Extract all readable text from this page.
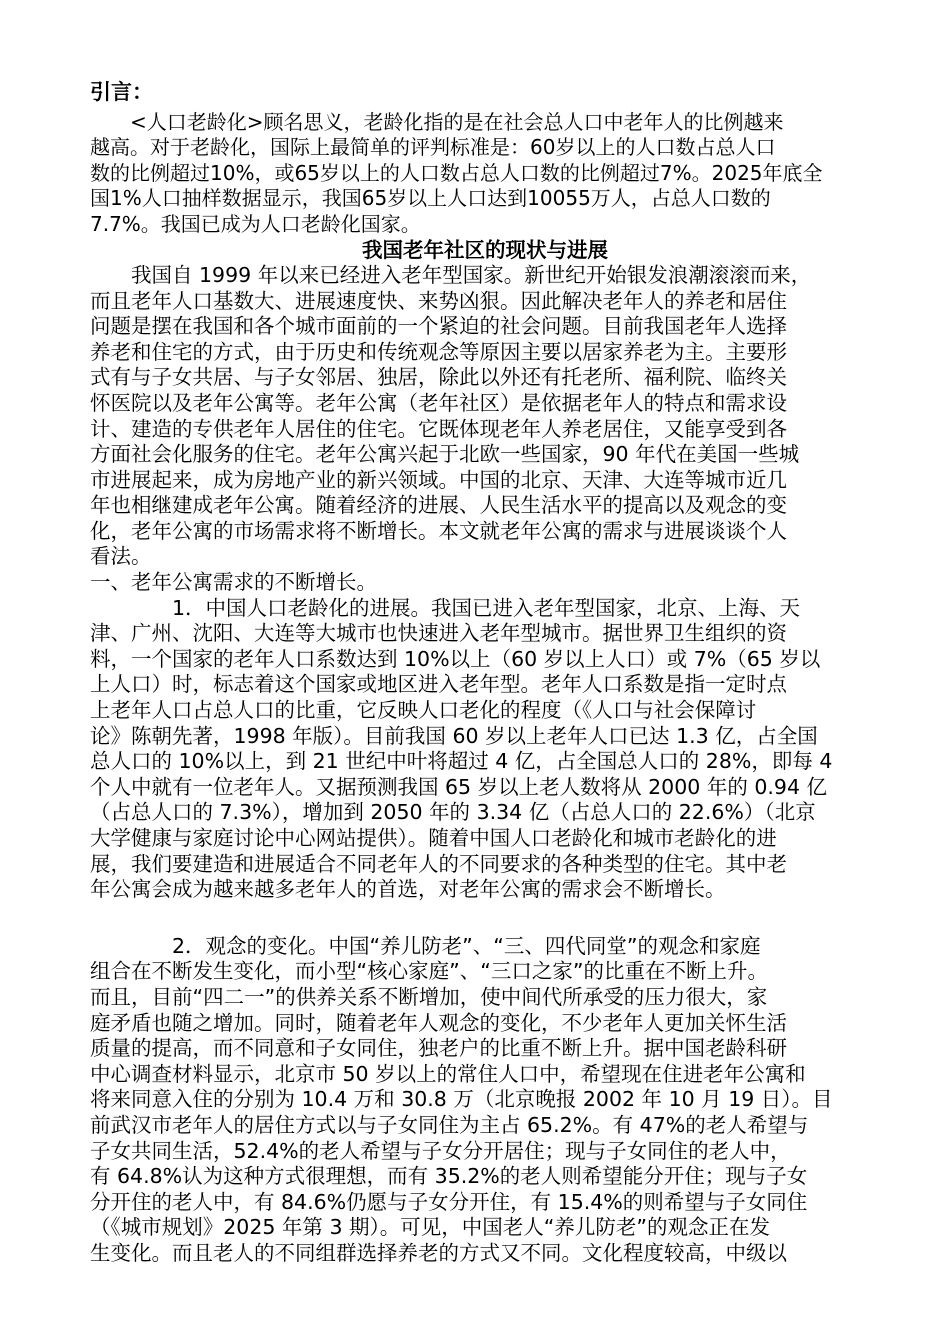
引言：
　　<人口老龄化>顾名思义，老龄化指的是在社会总人口中老年人的比例越来
越高。对于老龄化，国际上最简单的评判标准是：60岁以上的人口数占总人口
数的比例超过10%，或65岁以上的人口数占总人口数的比例超过7%。2025年底全
国1%人口抽样数据显示，我国65岁以上人口达到10055万人，占总人口数的
7.7%。我国已成为人口老龄化国家。
我国老年社区的现状与进展
　　我国自 1999 年以来已经进入老年型国家。新世纪开始银发浪潮滚滚而来，
而且老年人口基数大、进展速度快、来势凶狠。因此解决老年人的养老和居住
问题是摆在我国和各个城市面前的一个紧迫的社会问题。目前我国老年人选择
养老和住宅的方式，由于历史和传统观念等原因主要以居家养老为主。主要形
式有与子女共居、与子女邻居、独居，除此以外还有托老所、福利院、临终关
怀医院以及老年公寓等。老年公寓（老年社区）是依据老年人的特点和需求设
计、建造的专供老年人居住的住宅。它既体现老年人养老居住，又能享受到各
方面社会化服务的住宅。老年公寓兴起于北欧一些国家，90 年代在美国一些城
市进展起来，成为房地产业的新兴领域。中国的北京、天津、大连等城市近几
年也相继建成老年公寓。随着经济的进展、人民生活水平的提高以及观念的变
化，老年公寓的市场需求将不断增长。本文就老年公寓的需求与进展谈谈个人
看法。
一、老年公寓需求的不断增长。
　　　　1．中国人口老龄化的进展。我国已进入老年型国家，北京、上海、天
津、广州、沈阳、大连等大城市也快速进入老年型城市。据世界卫生组织的资
料，一个国家的老年人口系数达到 10%以上（60 岁以上人口）或 7%（65 岁以
上人口）时，标志着这个国家或地区进入老年型。老年人口系数是指一定时点
上老年人口占总人口的比重，它反映人口老化的程度（《人口与社会保障讨
论》陈朝先著，1998 年版）。目前我国 60 岁以上老年人口已达 1.3 亿，占全国
总人口的 10%以上，到 21 世纪中叶将超过 4 亿，占全国总人口的 28%，即每 4
个人中就有一位老年人。又据预测我国 65 岁以上老人数将从 2000 年的 0.94 亿
（占总人口的 7.3%），增加到 2050 年的 3.34 亿（占总人口的 22.6%）（北京
大学健康与家庭讨论中心网站提供）。随着中国人口老龄化和城市老龄化的进
展，我们要建造和进展适合不同老年人的不同要求的各种类型的住宅。其中老
年公寓会成为越来越多老年人的首选，对老年公寓的需求会不断增长。
　　　　2．观念的变化。中国“养儿防老”、“三、四代同堂”的观念和家庭
组合在不断发生变化，而小型“核心家庭”、“三口之家”的比重在不断上升。
而且，目前“四二一”的供养关系不断增加，使中间代所承受的压力很大，家
庭矛盾也随之增加。同时，随着老年人观念的变化，不少老年人更加关怀生活
质量的提高，而不同意和子女同住，独老户的比重不断上升。据中国老龄科研
中心调查材料显示，北京市 50 岁以上的常住人口中，希望现在住进老年公寓和
将来同意入住的分别为 10.4 万和 30.8 万（北京晚报 2002 年 10 月 19 日）。目
前武汉市老年人的居住方式以与子女同住为主占 65.2%。有 47%的老人希望与
子女共同生活，52.4%的老人希望与子女分开居住；现与子女同住的老人中，
有 64.8%认为这种方式很理想，而有 35.2%的老人则希望能分开住；现与子女
分开住的老人中，有 84.6%仍愿与子女分开住，有 15.4%的则希望与子女同住
（《城市规划》2025 年第 3 期）。可见，中国老人“养儿防老”的观念正在发
生变化。而且老人的不同组群选择养老的方式又不同。文化程度较高，中级以
